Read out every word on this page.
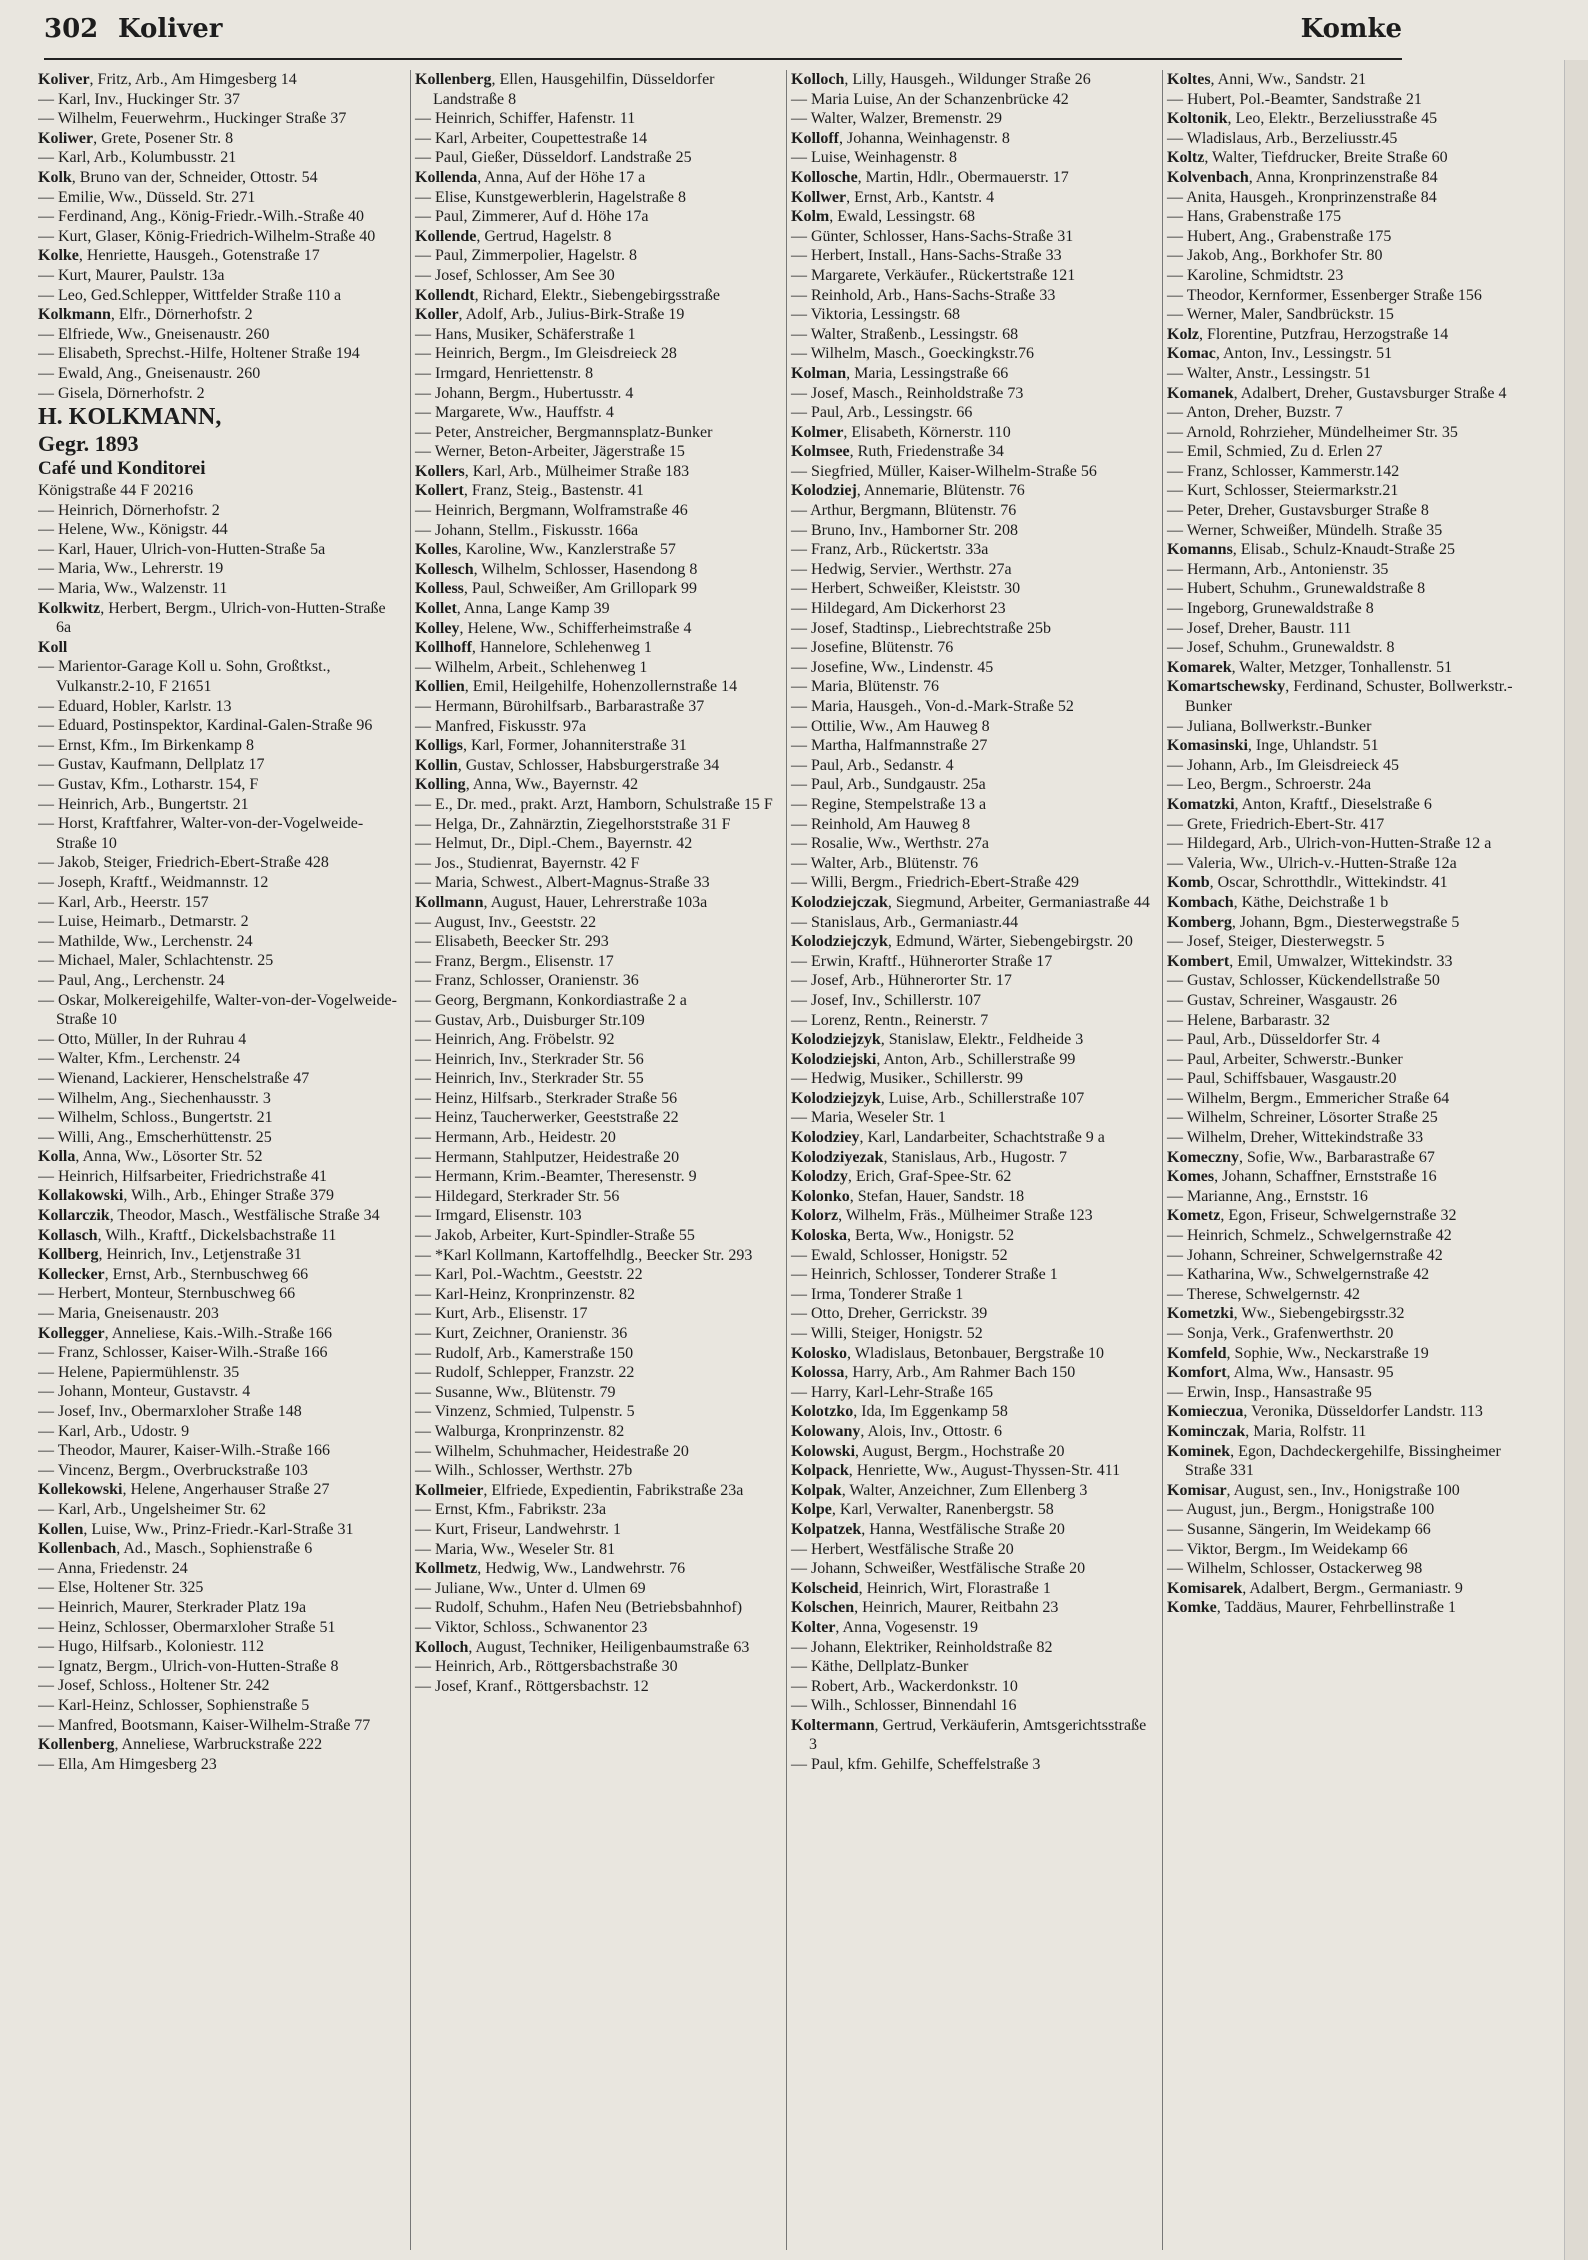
302 Koliver	Komke
Koliver, Fritz, Arb., Am Himgesberg 14
— Karl, Inv., Huckinger Str. 37
— Wilhelm, Feuerwehrm., Huckinger Straße 37
Koliwer, Grete, Posener Str. 8
— Karl, Arb., Kolumbusstr. 21
Kolk, Bruno van der, Schneider, Ottostr. 54
— Emilie, Ww., Düsseld. Str. 271
— Ferdinand, Ang., König-Friedr.-Wilh.-Straße 40
— Kurt, Glaser, König-Friedrich-Wilhelm-Straße 40
Kolke, Henriette, Hausgeh., Gotenstraße 17
— Kurt, Maurer, Paulstr. 13a
— Leo, Ged.Schlepper, Wittfelder Straße 110 a
Kolkmann, Elfr., Dörnerhofstr. 2
— Elfriede, Ww., Gneisenaustr. 260
— Elisabeth, Sprechst.-Hilfe, Holtener Straße 194
— Ewald, Ang., Gneisenaustr. 260
— Gisela, Dörnerhofstr. 2
H. KOLKMANN,
Gegr. 1893
Café und Konditorei
Königstraße 44 F 20216
— Heinrich, Dörnerhofstr. 2
— Helene, Ww., Königstr. 44
— Karl, Hauer, Ulrich-von-Hutten-Straße 5a
— Maria, Ww., Lehrerstr. 19
— Maria, Ww., Walzenstr. 11
Kolkwitz, Herbert, Bergm., Ulrich-von-Hutten-Straße 6a
Koll
— Marientor-Garage Koll u. Sohn, Großtkst., Vulkanstr.2-10, F 21651
— Eduard, Hobler, Karlstr. 13
— Eduard, Postinspektor, Kardinal-Galen-Straße 96
— Ernst, Kfm., Im Birkenkamp 8
— Gustav, Kaufmann, Dellplatz 17
— Gustav, Kfm., Lotharstr. 154, F
— Heinrich, Arb., Bungertstr. 21
— Horst, Kraftfahrer, Walter-von-der-Vogelweide-Straße 10
— Jakob, Steiger, Friedrich-Ebert-Straße 428
— Joseph, Kraftf., Weidmannstr. 12
— Karl, Arb., Heerstr. 157
— Luise, Heimarb., Detmarstr. 2
— Mathilde, Ww., Lerchenstr. 24
— Michael, Maler, Schlachtenstr. 25
— Paul, Ang., Lerchenstr. 24
— Oskar, Molkereigehilfe, Walter-von-der-Vogelweide-Straße 10
— Otto, Müller, In der Ruhrau 4
— Walter, Kfm., Lerchenstr. 24
— Wienand, Lackierer, Henschelstraße 47
— Wilhelm, Ang., Siechenhausstr. 3
— Wilhelm, Schloss., Bungertstr. 21
— Willi, Ang., Emscherhüttenstr. 25
Kolla, Anna, Ww., Lösorter Str. 52
— Heinrich, Hilfsarbeiter, Friedrichstraße 41
Kollakowski, Wilh., Arb., Ehinger Straße 379
Kollarczik, Theodor, Masch., Westfälische Straße 34
Kollasch, Wilh., Kraftf., Dickelsbachstraße 11
Kollberg, Heinrich, Inv., Letjenstraße 31
Kollecker, Ernst, Arb., Sternbuschweg 66
— Herbert, Monteur, Sternbuschweg 66
— Maria, Gneisenaustr. 203
Kollegger, Anneliese, Kais.-Wilh.-Straße 166
— Franz, Schlosser, Kaiser-Wilh.-Straße 166
— Helene, Papiermühlenstr. 35
— Johann, Monteur, Gustavstr. 4
— Josef, Inv., Obermarxloher Straße 148
— Karl, Arb., Udostr. 9
— Theodor, Maurer, Kaiser-Wilh.-Straße 166
— Vincenz, Bergm., Overbruckstraße 103
Kollekowski, Helene, Angerhauser Straße 27
— Karl, Arb., Ungelsheimer Str. 62
Kollen, Luise, Ww., Prinz-Friedr.-Karl-Straße 31
Kollenbach, Ad., Masch., Sophienstraße 6
— Anna, Friedenstr. 24
— Else, Holtener Str. 325
— Heinrich, Maurer, Sterkrader Platz 19a
— Heinz, Schlosser, Obermarxloher Straße 51
— Hugo, Hilfsarb., Koloniestr. 112
— Ignatz, Bergm., Ulrich-von-Hutten-Straße 8
— Josef, Schloss., Holtener Str. 242
— Karl-Heinz, Schlosser, Sophienstraße 5
— Manfred, Bootsmann, Kaiser-Wilhelm-Straße 77
Kollenberg, Anneliese, Warbruckstraße 222
— Ella, Am Himgesberg 23
Kollenberg, Ellen, Hausgehilfin, Düsseldorfer Landstraße 8
— Heinrich, Schiffer, Hafenstr. 11
— Karl, Arbeiter, Coupettestraße 14
— Paul, Gießer, Düsseldorf. Landstraße 25
Kollenda, Anna, Auf der Höhe 17 a
— Elise, Kunstgewerblerin, Hagelstraße 8
— Paul, Zimmerer, Auf d. Höhe 17a
Kollende, Gertrud, Hagelstr. 8
— Paul, Zimmerpolier, Hagelstr. 8
— Josef, Schlosser, Am See 30
Kollendt, Richard, Elektr., Siebengebirgsstraße
Koller, Adolf, Arb., Julius-Birk-Straße 19
— Hans, Musiker, Schäferstraße 1
— Heinrich, Bergm., Im Gleisdreieck 28
— Irmgard, Henriettenstr. 8
— Johann, Bergm., Hubertusstr. 4
— Margarete, Ww., Hauffstr. 4
— Peter, Anstreicher, Bergmannsplatz-Bunker
— Werner, Beton-Arbeiter, Jägerstraße 15
Kollers, Karl, Arb., Mülheimer Straße 183
Kollert, Franz, Steig., Bastenstr. 41
— Heinrich, Bergmann, Wolframstraße 46
— Johann, Stellm., Fiskusstr. 166a
Kolles, Karoline, Ww., Kanzlerstraße 57
Kollesch, Wilhelm, Schlosser, Hasendong 8
Kolless, Paul, Schweißer, Am Grillopark 99
Kollet, Anna, Lange Kamp 39
Kolley, Helene, Ww., Schifferheimstraße 4
Kollhoff, Hannelore, Schlehenweg 1
— Wilhelm, Arbeit., Schlehenweg 1
Kollien, Emil, Heilgehilfe, Hohenzollernstraße 14
— Hermann, Bürohilfsarb., Barbarastraße 37
— Manfred, Fiskusstr. 97a
Kolligs, Karl, Former, Johanniterstraße 31
Kollin, Gustav, Schlosser, Habsburgerstraße 34
Kolling, Anna, Ww., Bayernstr. 42
— E., Dr. med., prakt. Arzt, Hamborn, Schulstraße 15 F
— Helga, Dr., Zahnärztin, Ziegelhorststraße 31 F
— Helmut, Dr., Dipl.-Chem., Bayernstr. 42
— Jos., Studienrat, Bayernstr. 42 F
— Maria, Schwest., Albert-Magnus-Straße 33
Kollmann, August, Hauer, Lehrerstraße 103a
— August, Inv., Geeststr. 22
— Elisabeth, Beecker Str. 293
— Franz, Bergm., Elisenstr. 17
— Franz, Schlosser, Oranienstr. 36
— Georg, Bergmann, Konkordiastraße 2 a
— Gustav, Arb., Duisburger Str.109
— Heinrich, Ang. Fröbelstr. 92
— Heinrich, Inv., Sterkrader Str. 56
— Heinrich, Inv., Sterkrader Str. 55
— Heinz, Hilfsarb., Sterkrader Straße 56
— Heinz, Taucherwerker, Geeststraße 22
— Hermann, Arb., Heidestr. 20
— Hermann, Stahlputzer, Heidestraße 20
— Hermann, Krim.-Beamter, Theresenstr. 9
— Hildegard, Sterkrader Str. 56
— Irmgard, Elisenstr. 103
— Jakob, Arbeiter, Kurt-Spindler-Straße 55
— *Karl Kollmann, Kartoffelhdlg., Beecker Str. 293
— Karl, Pol.-Wachtm., Geeststr. 22
— Karl-Heinz, Kronprinzenstr. 82
— Kurt, Arb., Elisenstr. 17
— Kurt, Zeichner, Oranienstr. 36
— Rudolf, Arb., Kamerstraße 150
— Rudolf, Schlepper, Franzstr. 22
— Susanne, Ww., Blütenstr. 79
— Vinzenz, Schmied, Tulpenstr. 5
— Walburga, Kronprinzenstr. 82
— Wilhelm, Schuhmacher, Heidestraße 20
— Wilh., Schlosser, Werthstr. 27b
Kollmeier, Elfriede, Expedientin, Fabrikstraße 23a
— Ernst, Kfm., Fabrikstr. 23a
— Kurt, Friseur, Landwehrstr. 1
— Maria, Ww., Weseler Str. 81
Kollmetz, Hedwig, Ww., Landwehrstr. 76
— Juliane, Ww., Unter d. Ulmen 69
— Rudolf, Schuhm., Hafen Neu (Betriebsbahnhof)
— Viktor, Schloss., Schwanentor 23
Kolloch, August, Techniker, Heiligenbaumstraße 63
— Heinrich, Arb., Röttgersbachstraße 30
— Josef, Kranf., Röttgersbachstr. 12
Kolloch, Lilly, Hausgeh., Wildunger Straße 26
— Maria Luise, An der Schanzenbrücke 42
— Walter, Walzer, Bremenstr. 29
Kolloff, Johanna, Weinhagenstr. 8
— Luise, Weinhagenstr. 8
Kollosche, Martin, Hdlr., Obermauerstr. 17
Kollwer, Ernst, Arb., Kantstr. 4
Kolm, Ewald, Lessingstr. 68
— Günter, Schlosser, Hans-Sachs-Straße 31
— Herbert, Install., Hans-Sachs-Straße 33
— Margarete, Verkäufer., Rückertstraße 121
— Reinhold, Arb., Hans-Sachs-Straße 33
— Viktoria, Lessingstr. 68
— Walter, Straßenb., Lessingstr. 68
— Wilhelm, Masch., Goeckingkstr.76
Kolman, Maria, Lessingstraße 66
— Josef, Masch., Reinholdstraße 73
— Paul, Arb., Lessingstr. 66
Kolmer, Elisabeth, Körnerstr. 110
Kolmsee, Ruth, Friedenstraße 34
— Siegfried, Müller, Kaiser-Wilhelm-Straße 56
Kolodziej, Annemarie, Blütenstr. 76
— Arthur, Bergmann, Blütenstr. 76
— Bruno, Inv., Hamborner Str. 208
— Franz, Arb., Rückertstr. 33a
— Hedwig, Servier., Werthstr. 27a
— Herbert, Schweißer, Kleiststr. 30
— Hildegard, Am Dickerhorst 23
— Josef, Stadtinsp., Liebrechtstraße 25b
— Josefine, Blütenstr. 76
— Josefine, Ww., Lindenstr. 45
— Maria, Blütenstr. 76
— Maria, Hausgeh., Von-d.-Mark-Straße 52
— Ottilie, Ww., Am Hauweg 8
— Martha, Halfmannstraße 27
— Paul, Arb., Sedanstr. 4
— Paul, Arb., Sundgaustr. 25a
— Regine, Stempelstraße 13 a
— Reinhold, Am Hauweg 8
— Rosalie, Ww., Werthstr. 27a
— Walter, Arb., Blütenstr. 76
— Willi, Bergm., Friedrich-Ebert-Straße 429
Kolodziejczak, Siegmund, Arbeiter, Germaniastraße 44
— Stanislaus, Arb., Germaniastr.44
Kolodziejczyk, Edmund, Wärter, Siebengebirgstr. 20
— Erwin, Kraftf., Hühnerorter Straße 17
— Josef, Arb., Hühnerorter Str. 17
— Josef, Inv., Schillerstr. 107
— Lorenz, Rentn., Reinerstr. 7
Kolodziejzyk, Stanislaw, Elektr., Feldheide 3
Kolodziejski, Anton, Arb., Schillerstraße 99
— Hedwig, Musiker., Schillerstr. 99
Kolodziejzyk, Luise, Arb., Schillerstraße 107
— Maria, Weseler Str. 1
Kolodziey, Karl, Landarbeiter, Schachtstraße 9 a
Kolodziyezak, Stanislaus, Arb., Hugostr. 7
Kolodzy, Erich, Graf-Spee-Str. 62
Kolonko, Stefan, Hauer, Sandstr. 18
Kolorz, Wilhelm, Fräs., Mülheimer Straße 123
Koloska, Berta, Ww., Honigstr. 52
— Ewald, Schlosser, Honigstr. 52
— Heinrich, Schlosser, Tonderer Straße 1
— Irma, Tonderer Straße 1
— Otto, Dreher, Gerrickstr. 39
— Willi, Steiger, Honigstr. 52
Kolosko, Wladislaus, Betonbauer, Bergstraße 10
Kolossa, Harry, Arb., Am Rahmer Bach 150
— Harry, Karl-Lehr-Straße 165
Kolotzko, Ida, Im Eggenkamp 58
Kolowany, Alois, Inv., Ottostr. 6
Kolowski, August, Bergm., Hochstraße 20
Kolpack, Henriette, Ww., August-Thyssen-Str. 411
Kolpak, Walter, Anzeichner, Zum Ellenberg 3
Kolpe, Karl, Verwalter, Ranenbergstr. 58
Kolpatzek, Hanna, Westfälische Straße 20
— Herbert, Westfälische Straße 20
— Johann, Schweißer, Westfälische Straße 20
Kolscheid, Heinrich, Wirt, Florastraße 1
Kolschen, Heinrich, Maurer, Reitbahn 23
Kolter, Anna, Vogesenstr. 19
— Johann, Elektriker, Reinholdstraße 82
— Käthe, Dellplatz-Bunker
— Robert, Arb., Wackerdonkstr. 10
— Wilh., Schlosser, Binnendahl 16
Koltermann, Gertrud, Verkäuferin, Amtsgerichtsstraße 3
— Paul, kfm. Gehilfe, Scheffelstraße 3
Koltes, Anni, Ww., Sandstr. 21
— Hubert, Pol.-Beamter, Sandstraße 21
Koltonik, Leo, Elektr., Berzeliusstraße 45
— Wladislaus, Arb., Berzeliusstr.45
Koltz, Walter, Tiefdrucker, Breite Straße 60
Kolvenbach, Anna, Kronprinzenstraße 84
— Anita, Hausgeh., Kronprinzenstraße 84
— Hans, Grabenstraße 175
— Hubert, Ang., Grabenstraße 175
— Jakob, Ang., Borkhofer Str. 80
— Karoline, Schmidtstr. 23
— Theodor, Kernformer, Essenberger Straße 156
— Werner, Maler, Sandbrückstr. 15
Kolz, Florentine, Putzfrau, Herzogstraße 14
Komac, Anton, Inv., Lessingstr. 51
— Walter, Anstr., Lessingstr. 51
Komanek, Adalbert, Dreher, Gustavsburger Straße 4
— Anton, Dreher, Buzstr. 7
— Arnold, Rohrzieher, Mündelheimer Str. 35
— Emil, Schmied, Zu d. Erlen 27
— Franz, Schlosser, Kammerstr.142
— Kurt, Schlosser, Steiermarkstr.21
— Peter, Dreher, Gustavsburger Straße 8
— Werner, Schweißer, Mündelh. Straße 35
Komanns, Elisab., Schulz-Knaudt-Straße 25
— Hermann, Arb., Antonienstr. 35
— Hubert, Schuhm., Grunewaldstraße 8
— Ingeborg, Grunewaldstraße 8
— Josef, Dreher, Baustr. 111
— Josef, Schuhm., Grunewaldstr. 8
Komarek, Walter, Metzger, Tonhallenstr. 51
Komartschewsky, Ferdinand, Schuster, Bollwerkstr.-Bunker
— Juliana, Bollwerkstr.-Bunker
Komasinski, Inge, Uhlandstr. 51
— Johann, Arb., Im Gleisdreieck 45
— Leo, Bergm., Schroerstr. 24a
Komatzki, Anton, Kraftf., Dieselstraße 6
— Grete, Friedrich-Ebert-Str. 417
— Hildegard, Arb., Ulrich-von-Hutten-Straße 12 a
— Valeria, Ww., Ulrich-v.-Hutten-Straße 12a
Komb, Oscar, Schrotthdlr., Wittekindstr. 41
Kombach, Käthe, Deichstraße 1 b
Komberg, Johann, Bgm., Diesterwegstraße 5
— Josef, Steiger, Diesterwegstr. 5
Kombert, Emil, Umwalzer, Wittekindstr. 33
— Gustav, Schlosser, Kückendellstraße 50
— Gustav, Schreiner, Wasgaustr. 26
— Helene, Barbarastr. 32
— Paul, Arb., Düsseldorfer Str. 4
— Paul, Arbeiter, Schwerstr.-Bunker
— Paul, Schiffsbauer, Wasgaustr.20
— Wilhelm, Bergm., Emmericher Straße 64
— Wilhelm, Schreiner, Lösorter Straße 25
— Wilhelm, Dreher, Wittekindstraße 33
Komeczny, Sofie, Ww., Barbarastraße 67
Komes, Johann, Schaffner, Ernststraße 16
— Marianne, Ang., Ernststr. 16
Kometz, Egon, Friseur, Schwelgernstraße 32
— Heinrich, Schmelz., Schwelgernstraße 42
— Johann, Schreiner, Schwelgernstraße 42
— Katharina, Ww., Schwelgernstraße 42
— Therese, Schwelgernstr. 42
Kometzki, Ww., Siebengebirgsstr.32
— Sonja, Verk., Grafenwerthstr. 20
Komfeld, Sophie, Ww., Neckarstraße 19
Komfort, Alma, Ww., Hansastr. 95
— Erwin, Insp., Hansastraße 95
Komieczua, Veronika, Düsseldorfer Landstr. 113
Kominczak, Maria, Rolfstr. 11
Kominek, Egon, Dachdeckergehilfe, Bissingheimer Straße 331
Komisar, August, sen., Inv., Honigstraße 100
— August, jun., Bergm., Honigstraße 100
— Susanne, Sängerin, Im Weidekamp 66
— Viktor, Bergm., Im Weidekamp 66
— Wilhelm, Schlosser, Ostackerweg 98
Komisarek, Adalbert, Bergm., Germaniastr. 9
Komke, Taddäus, Maurer, Fehrbellinstraße 1
